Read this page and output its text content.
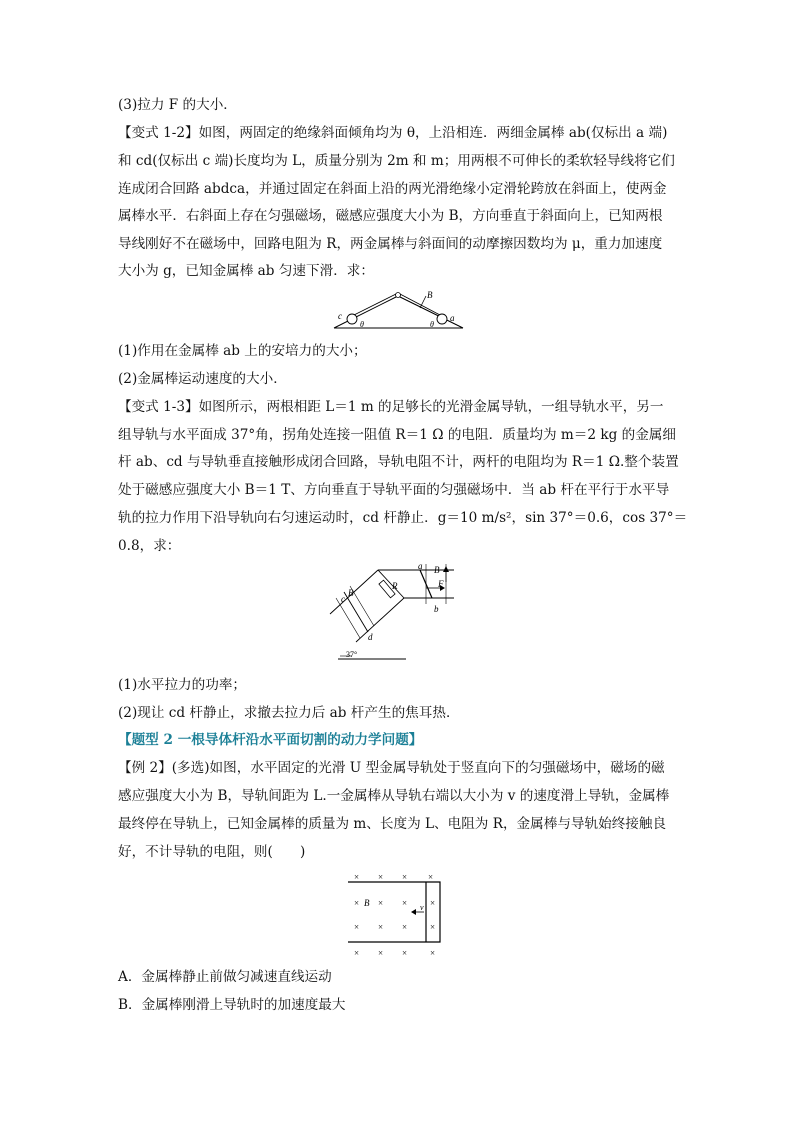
(3)拉力 F 的大小．
【变式 1-2】如图，两固定的绝缘斜面倾角均为 θ，上沿相连．两细金属棒 ab(仅标出 a 端)
和 cd(仅标出 c 端)长度均为 L，质量分别为 2m 和 m；用两根不可伸长的柔软轻导线将它们
连成闭合回路 abdca，并通过固定在斜面上沿的两光滑绝缘小定滑轮跨放在斜面上，使两金
属棒水平．右斜面上存在匀强磁场，磁感应强度大小为 B，方向垂直于斜面向上，已知两根
导线刚好不在磁场中，回路电阻为 R，两金属棒与斜面间的动摩擦因数均为 μ，重力加速度
大小为 g，已知金属棒 ab 匀速下滑．求：
c	a
B
θ	θ
(1)作用在金属棒 ab 上的安培力的大小；
(2)金属棒运动速度的大小．
【变式 1-3】如图所示，两根相距 L＝1 m 的足够长的光滑金属导轨，一组导轨水平，另一
组导轨与水平面成 37°角，拐角处连接一阻值 R＝1 Ω 的电阻．质量均为 m＝2 kg 的金属细
杆 ab、cd 与导轨垂直接触形成闭合回路，导轨电阻不计，两杆的电阻均为 R＝1 Ω.整个装置
处于磁感应强度大小 B＝1 T、方向垂直于导轨平面的匀强磁场中．当 ab 杆在平行于水平导
轨的拉力作用下沿导轨向右匀速运动时，cd 杆静止．g＝10 m/s²，sin 37°＝0.6，cos 37°＝
0.8，求：
c
B
d
R
a B
F
b
37°
(1)水平拉力的功率；
(2)现让 cd 杆静止，求撤去拉力后 ab 杆产生的焦耳热．
【题型 2 一根导体杆沿水平面切割的动力学问题】
【例 2】(多选)如图，水平固定的光滑 U 型金属导轨处于竖直向下的匀强磁场中，磁场的磁
感应强度大小为 B，导轨间距为 L.一金属棒从导轨右端以大小为 v 的速度滑上导轨，金属棒
最终停在导轨上，已知金属棒的质量为 m、长度为 L、电阻为 R，金属棒与导轨始终接触良
好，不计导轨的电阻，则(　　)
× × × ×
× × ×	×
× × ×	×
× × ×	×
B	v
A．金属棒静止前做匀减速直线运动
B．金属棒刚滑上导轨时的加速度最大
